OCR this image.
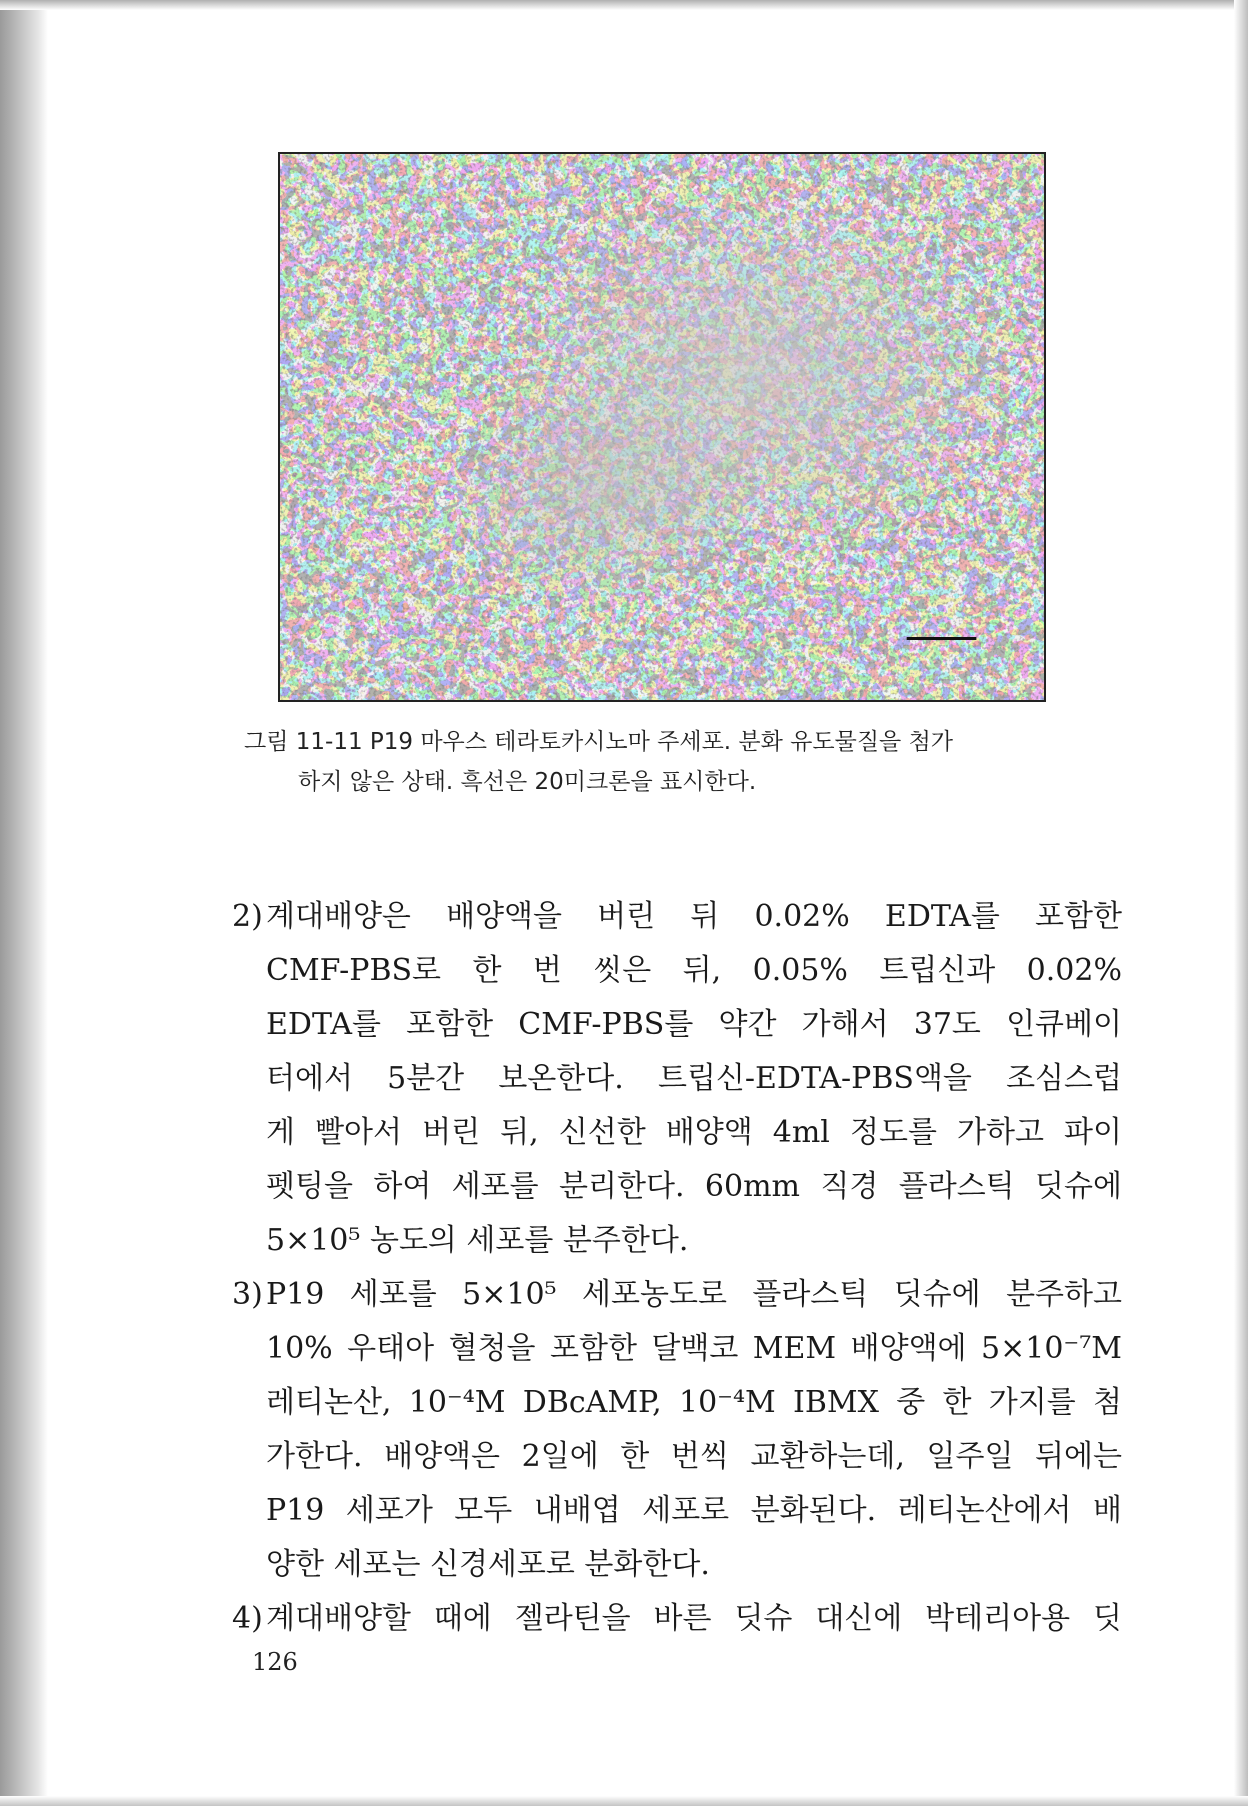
그림 11-11 P19 마우스 테라토카시노마 주세포. 분화 유도물질을 첨가
하지 않은 상태. 흑선은 20미크론을 표시한다.
2) 계대배양은 배양액을 버린 뒤 0.02% EDTA를 포함한
CMF-PBS로 한 번 씻은 뒤, 0.05% 트립신과 0.02%
EDTA를 포함한 CMF-PBS를 약간 가해서 37도 인큐베이
터에서 5분간 보온한다. 트립신-EDTA-PBS액을 조심스럽
게 빨아서 버린 뒤, 신선한 배양액 4ml 정도를 가하고 파이
펫팅을 하여 세포를 분리한다. 60mm 직경 플라스틱 딧슈에
5×10⁵ 농도의 세포를 분주한다.
3) P19 세포를 5×10⁵ 세포농도로 플라스틱 딧슈에 분주하고
10% 우태아 혈청을 포함한 달백코 MEM 배양액에 5×10⁻⁷M
레티논산, 10⁻⁴M DBcAMP, 10⁻⁴M IBMX 중 한 가지를 첨
가한다. 배양액은 2일에 한 번씩 교환하는데, 일주일 뒤에는
P19 세포가 모두 내배엽 세포로 분화된다. 레티논산에서 배
양한 세포는 신경세포로 분화한다.
4) 계대배양할 때에 젤라틴을 바른 딧슈 대신에 박테리아용 딧
126
